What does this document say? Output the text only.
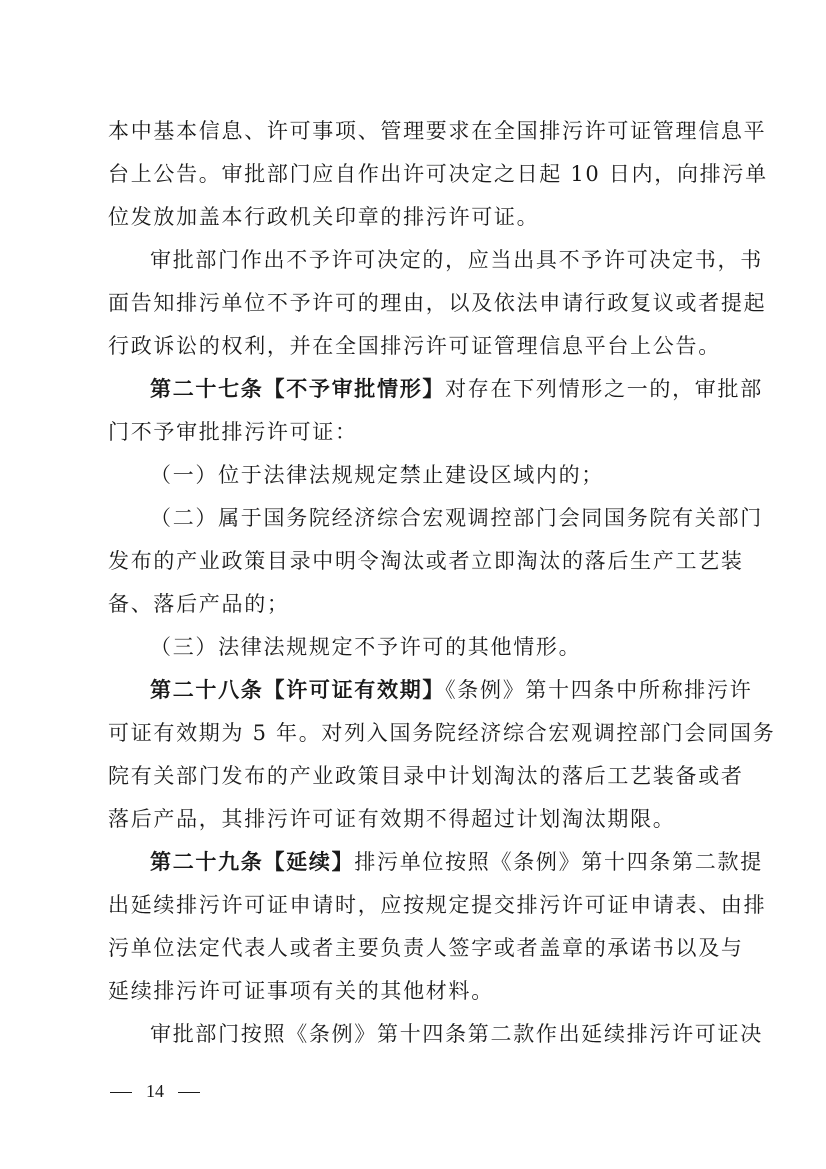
本中基本信息、许可事项、管理要求在全国排污许可证管理信息平
台上公告。审批部门应自作出许可决定之日起 10 日内，向排污单
位发放加盖本行政机关印章的排污许可证。
审批部门作出不予许可决定的，应当出具不予许可决定书，书
面告知排污单位不予许可的理由，以及依法申请行政复议或者提起
行政诉讼的权利，并在全国排污许可证管理信息平台上公告。
第二十七条【不予审批情形】对存在下列情形之一的，审批部
门不予审批排污许可证：
（一）位于法律法规规定禁止建设区域内的；
（二）属于国务院经济综合宏观调控部门会同国务院有关部门
发布的产业政策目录中明令淘汰或者立即淘汰的落后生产工艺装
备、落后产品的；
（三）法律法规规定不予许可的其他情形。
第二十八条【许可证有效期】《条例》第十四条中所称排污许
可证有效期为 5 年。对列入国务院经济综合宏观调控部门会同国务
院有关部门发布的产业政策目录中计划淘汰的落后工艺装备或者
落后产品，其排污许可证有效期不得超过计划淘汰期限。
第二十九条【延续】排污单位按照《条例》第十四条第二款提
出延续排污许可证申请时，应按规定提交排污许可证申请表、由排
污单位法定代表人或者主要负责人签字或者盖章的承诺书以及与
延续排污许可证事项有关的其他材料。
审批部门按照《条例》第十四条第二款作出延续排污许可证决
14
